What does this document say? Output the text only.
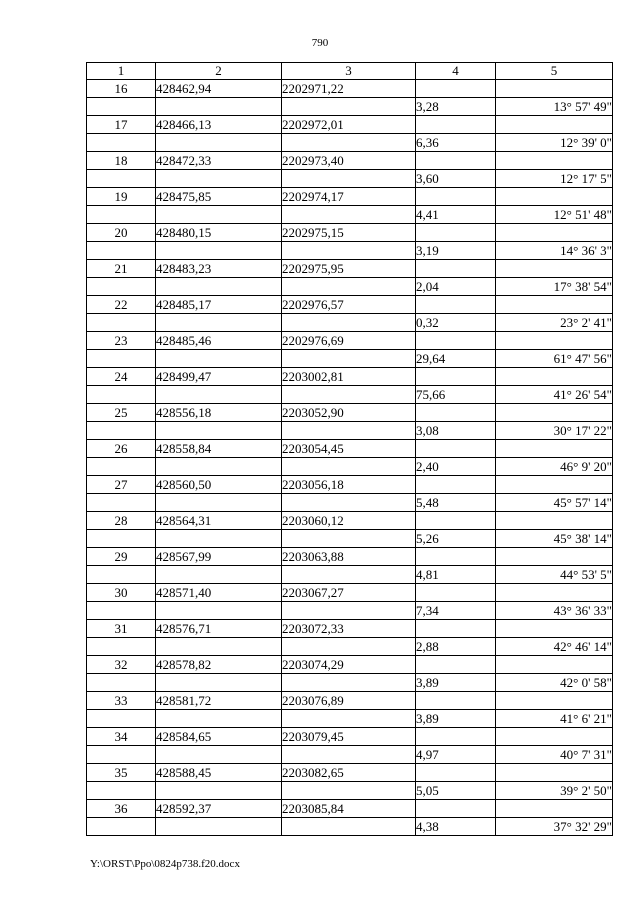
790
1	2	3	4	5
16	428462,94	2202971,22		
			3,28	13° 57' 49"
17	428466,13	2202972,01		
			6,36	12° 39' 0"
18	428472,33	2202973,40		
			3,60	12° 17' 5"
19	428475,85	2202974,17		
			4,41	12° 51' 48"
20	428480,15	2202975,15		
			3,19	14° 36' 3"
21	428483,23	2202975,95		
			2,04	17° 38' 54"
22	428485,17	2202976,57		
			0,32	23° 2' 41"
23	428485,46	2202976,69		
			29,64	61° 47' 56"
24	428499,47	2203002,81		
			75,66	41° 26' 54"
25	428556,18	2203052,90		
			3,08	30° 17' 22"
26	428558,84	2203054,45		
			2,40	46° 9' 20"
27	428560,50	2203056,18		
			5,48	45° 57' 14"
28	428564,31	2203060,12		
			5,26	45° 38' 14"
29	428567,99	2203063,88		
			4,81	44° 53' 5"
30	428571,40	2203067,27		
			7,34	43° 36' 33"
31	428576,71	2203072,33		
			2,88	42° 46' 14"
32	428578,82	2203074,29		
			3,89	42° 0' 58"
33	428581,72	2203076,89		
			3,89	41° 6' 21"
34	428584,65	2203079,45		
			4,97	40° 7' 31"
35	428588,45	2203082,65		
			5,05	39° 2' 50"
36	428592,37	2203085,84		
			4,38	37° 32' 29"
Y:\ORST\Ppo\0824p738.f20.docx
